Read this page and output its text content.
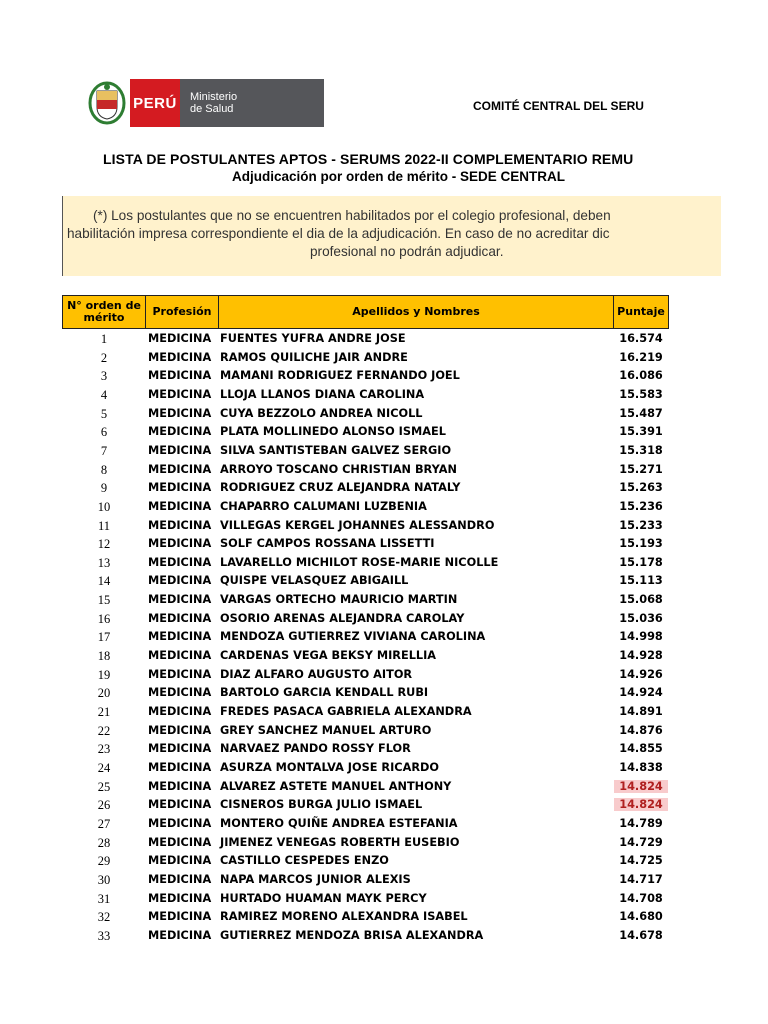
PERÚ Ministerio
de Salud	COMITÉ CENTRAL DEL SERU
LISTA DE POSTULANTES APTOS - SERUMS 2022-II COMPLEMENTARIO REMU
Adjudicación por orden de mérito - SEDE CENTRAL
(*) Los postulantes que no se encuentren habilitados por el colegio profesional, deben
habilitación impresa correspondiente el dia de la adjudicación. En caso de no acreditar dic
profesional no podrán adjudicar.
N° orden de mérito	Profesión	Apellidos y Nombres	Puntaje
1	MEDICINA FUENTES YUFRA ANDRE JOSE	16.574
2	MEDICINA RAMOS QUILICHE JAIR ANDRE	16.219
3	MEDICINA MAMANI RODRIGUEZ FERNANDO JOEL	16.086
4	MEDICINA LLOJA LLANOS DIANA CAROLINA	15.583
5	MEDICINA CUYA BEZZOLO ANDREA NICOLL	15.487
6	MEDICINA PLATA MOLLINEDO ALONSO ISMAEL	15.391
7	MEDICINA SILVA SANTISTEBAN GALVEZ SERGIO	15.318
8	MEDICINA ARROYO TOSCANO CHRISTIAN BRYAN	15.271
9	MEDICINA RODRIGUEZ CRUZ ALEJANDRA NATALY	15.263
10	MEDICINA CHAPARRO CALUMANI LUZBENIA	15.236
11	MEDICINA VILLEGAS KERGEL JOHANNES ALESSANDRO	15.233
12	MEDICINA SOLF CAMPOS ROSSANA LISSETTI	15.193
13	MEDICINA LAVARELLO MICHILOT ROSE-MARIE NICOLLE	15.178
14	MEDICINA QUISPE VELASQUEZ ABIGAILL	15.113
15	MEDICINA VARGAS ORTECHO MAURICIO MARTIN	15.068
16	MEDICINA OSORIO ARENAS ALEJANDRA CAROLAY	15.036
17	MEDICINA MENDOZA GUTIERREZ VIVIANA CAROLINA	14.998
18	MEDICINA CARDENAS VEGA BEKSY MIRELLIA	14.928
19	MEDICINA DIAZ ALFARO AUGUSTO AITOR	14.926
20	MEDICINA BARTOLO GARCIA KENDALL RUBI	14.924
21	MEDICINA FREDES PASACA GABRIELA ALEXANDRA	14.891
22	MEDICINA GREY SANCHEZ MANUEL ARTURO	14.876
23	MEDICINA NARVAEZ PANDO ROSSY FLOR	14.855
24	MEDICINA ASURZA MONTALVA JOSE RICARDO	14.838
25	MEDICINA ALVAREZ ASTETE MANUEL ANTHONY	14.824
26	MEDICINA CISNEROS BURGA JULIO ISMAEL	14.824
27	MEDICINA MONTERO QUIÑE ANDREA ESTEFANIA	14.789
28	MEDICINA JIMENEZ VENEGAS ROBERTH EUSEBIO	14.729
29	MEDICINA CASTILLO CESPEDES ENZO	14.725
30	MEDICINA NAPA MARCOS JUNIOR ALEXIS	14.717
31	MEDICINA HURTADO HUAMAN MAYK PERCY	14.708
32	MEDICINA RAMIREZ MORENO ALEXANDRA ISABEL	14.680
33	MEDICINA GUTIERREZ MENDOZA BRISA ALEXANDRA	14.678
